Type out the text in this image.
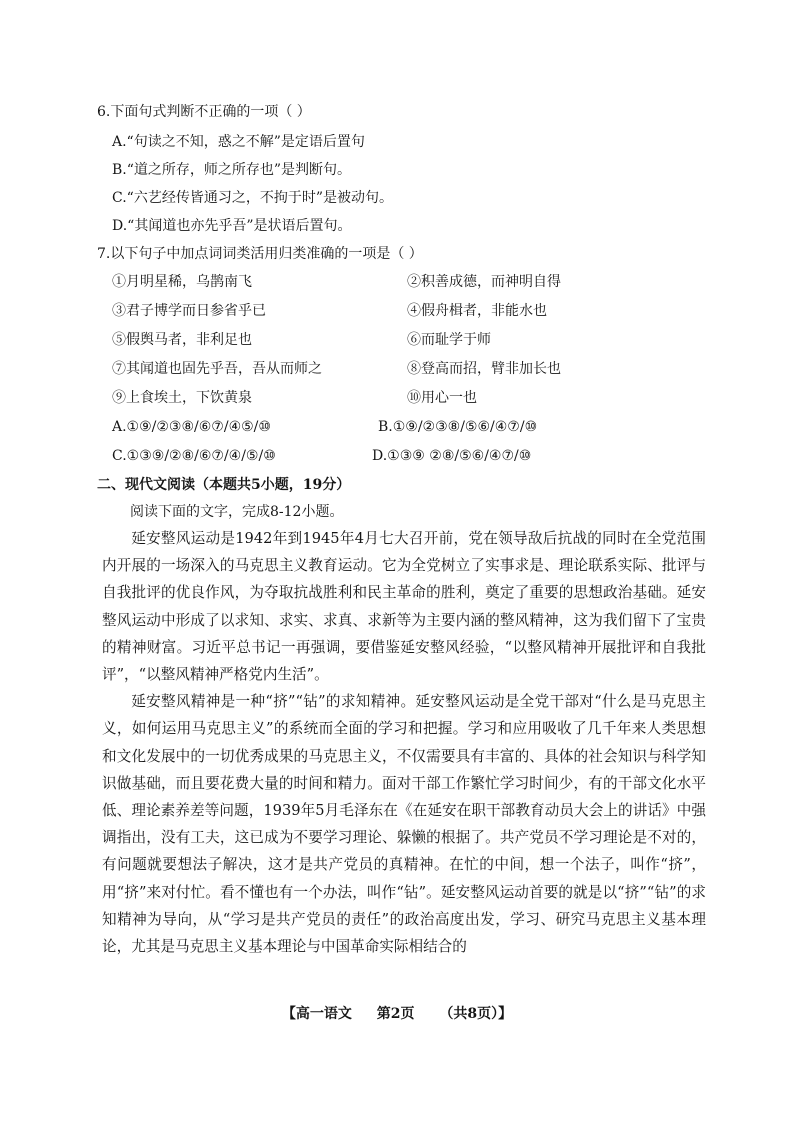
6.下面句式判断不正确的一项（ ）
A.“句读之不知，惑之不解”是定语后置句
B.“道之所存，师之所存也”是判断句。
C.“六艺经传皆通习之，不拘于时”是被动句。
D.“其闻道也亦先乎吾”是状语后置句。
7.以下句子中加点词词类活用归类准确的一项是（ ）
①月明星稀，乌鹊南飞	②积善成德，而神明自得
③君子博学而日参省乎已	④假舟楫者，非能水也
⑤假舆马者，非利足也	⑥而耻学于师
⑦其闻道也固先乎吾，吾从而师之	⑧登高而招，臂非加长也
⑨上食埃土，下饮黄泉	⑩用心一也
A.①⑨/②③⑧/⑥⑦/④⑤/⑩	B.①⑨/②③⑧/⑤⑥/④⑦/⑩
C.①③⑨/②⑧/⑥⑦/④/⑤/⑩	D.①③⑨ ②⑧/⑤⑥/④⑦/⑩
二、现代文阅读（本题共5小题，19分）
阅读下面的文字，完成8-12小题。

延安整风运动是1942年到1945年4月七大召开前，党在领导敌后抗战的同时在全党范围内开展的一场深入的马克思主义教育运动。它为全党树立了实事求是、理论联系实际、批评与自我批评的优良作风，为夺取抗战胜利和民主革命的胜利，奠定了重要的思想政治基础。延安整风运动中形成了以求知、求实、求真、求新等为主要内涵的整风精神，这为我们留下了宝贵的精神财富。习近平总书记一再强调，要借鉴延安整风经验，“以整风精神开展批评和自我批评”，“以整风精神严格党内生活”。

延安整风精神是一种“挤”“钻”的求知精神。延安整风运动是全党干部对“什么是马克思主义，如何运用马克思主义”的系统而全面的学习和把握。学习和应用吸收了几千年来人类思想和文化发展中的一切优秀成果的马克思主义，不仅需要具有丰富的、具体的社会知识与科学知识做基础，而且要花费大量的时间和精力。面对干部工作繁忙学习时间少，有的干部文化水平低、理论素养差等问题，1939年5月毛泽东在《在延安在职干部教育动员大会上的讲话》中强调指出，没有工夫，这已成为不要学习理论、躲懒的根据了。共产党员不学习理论是不对的，有问题就要想法子解决，这才是共产党员的真精神。在忙的中间，想一个法子，叫作“挤”，用“挤”来对付忙。看不懂也有一个办法，叫作“钻”。延安整风运动首要的就是以“挤”“钻”的求知精神为导向，从“学习是共产党员的责任”的政治高度出发，学习、研究马克思主义基本理论，尤其是马克思主义基本理论与中国革命实际相结合的

【高一语文 第2页 （共8页）】
